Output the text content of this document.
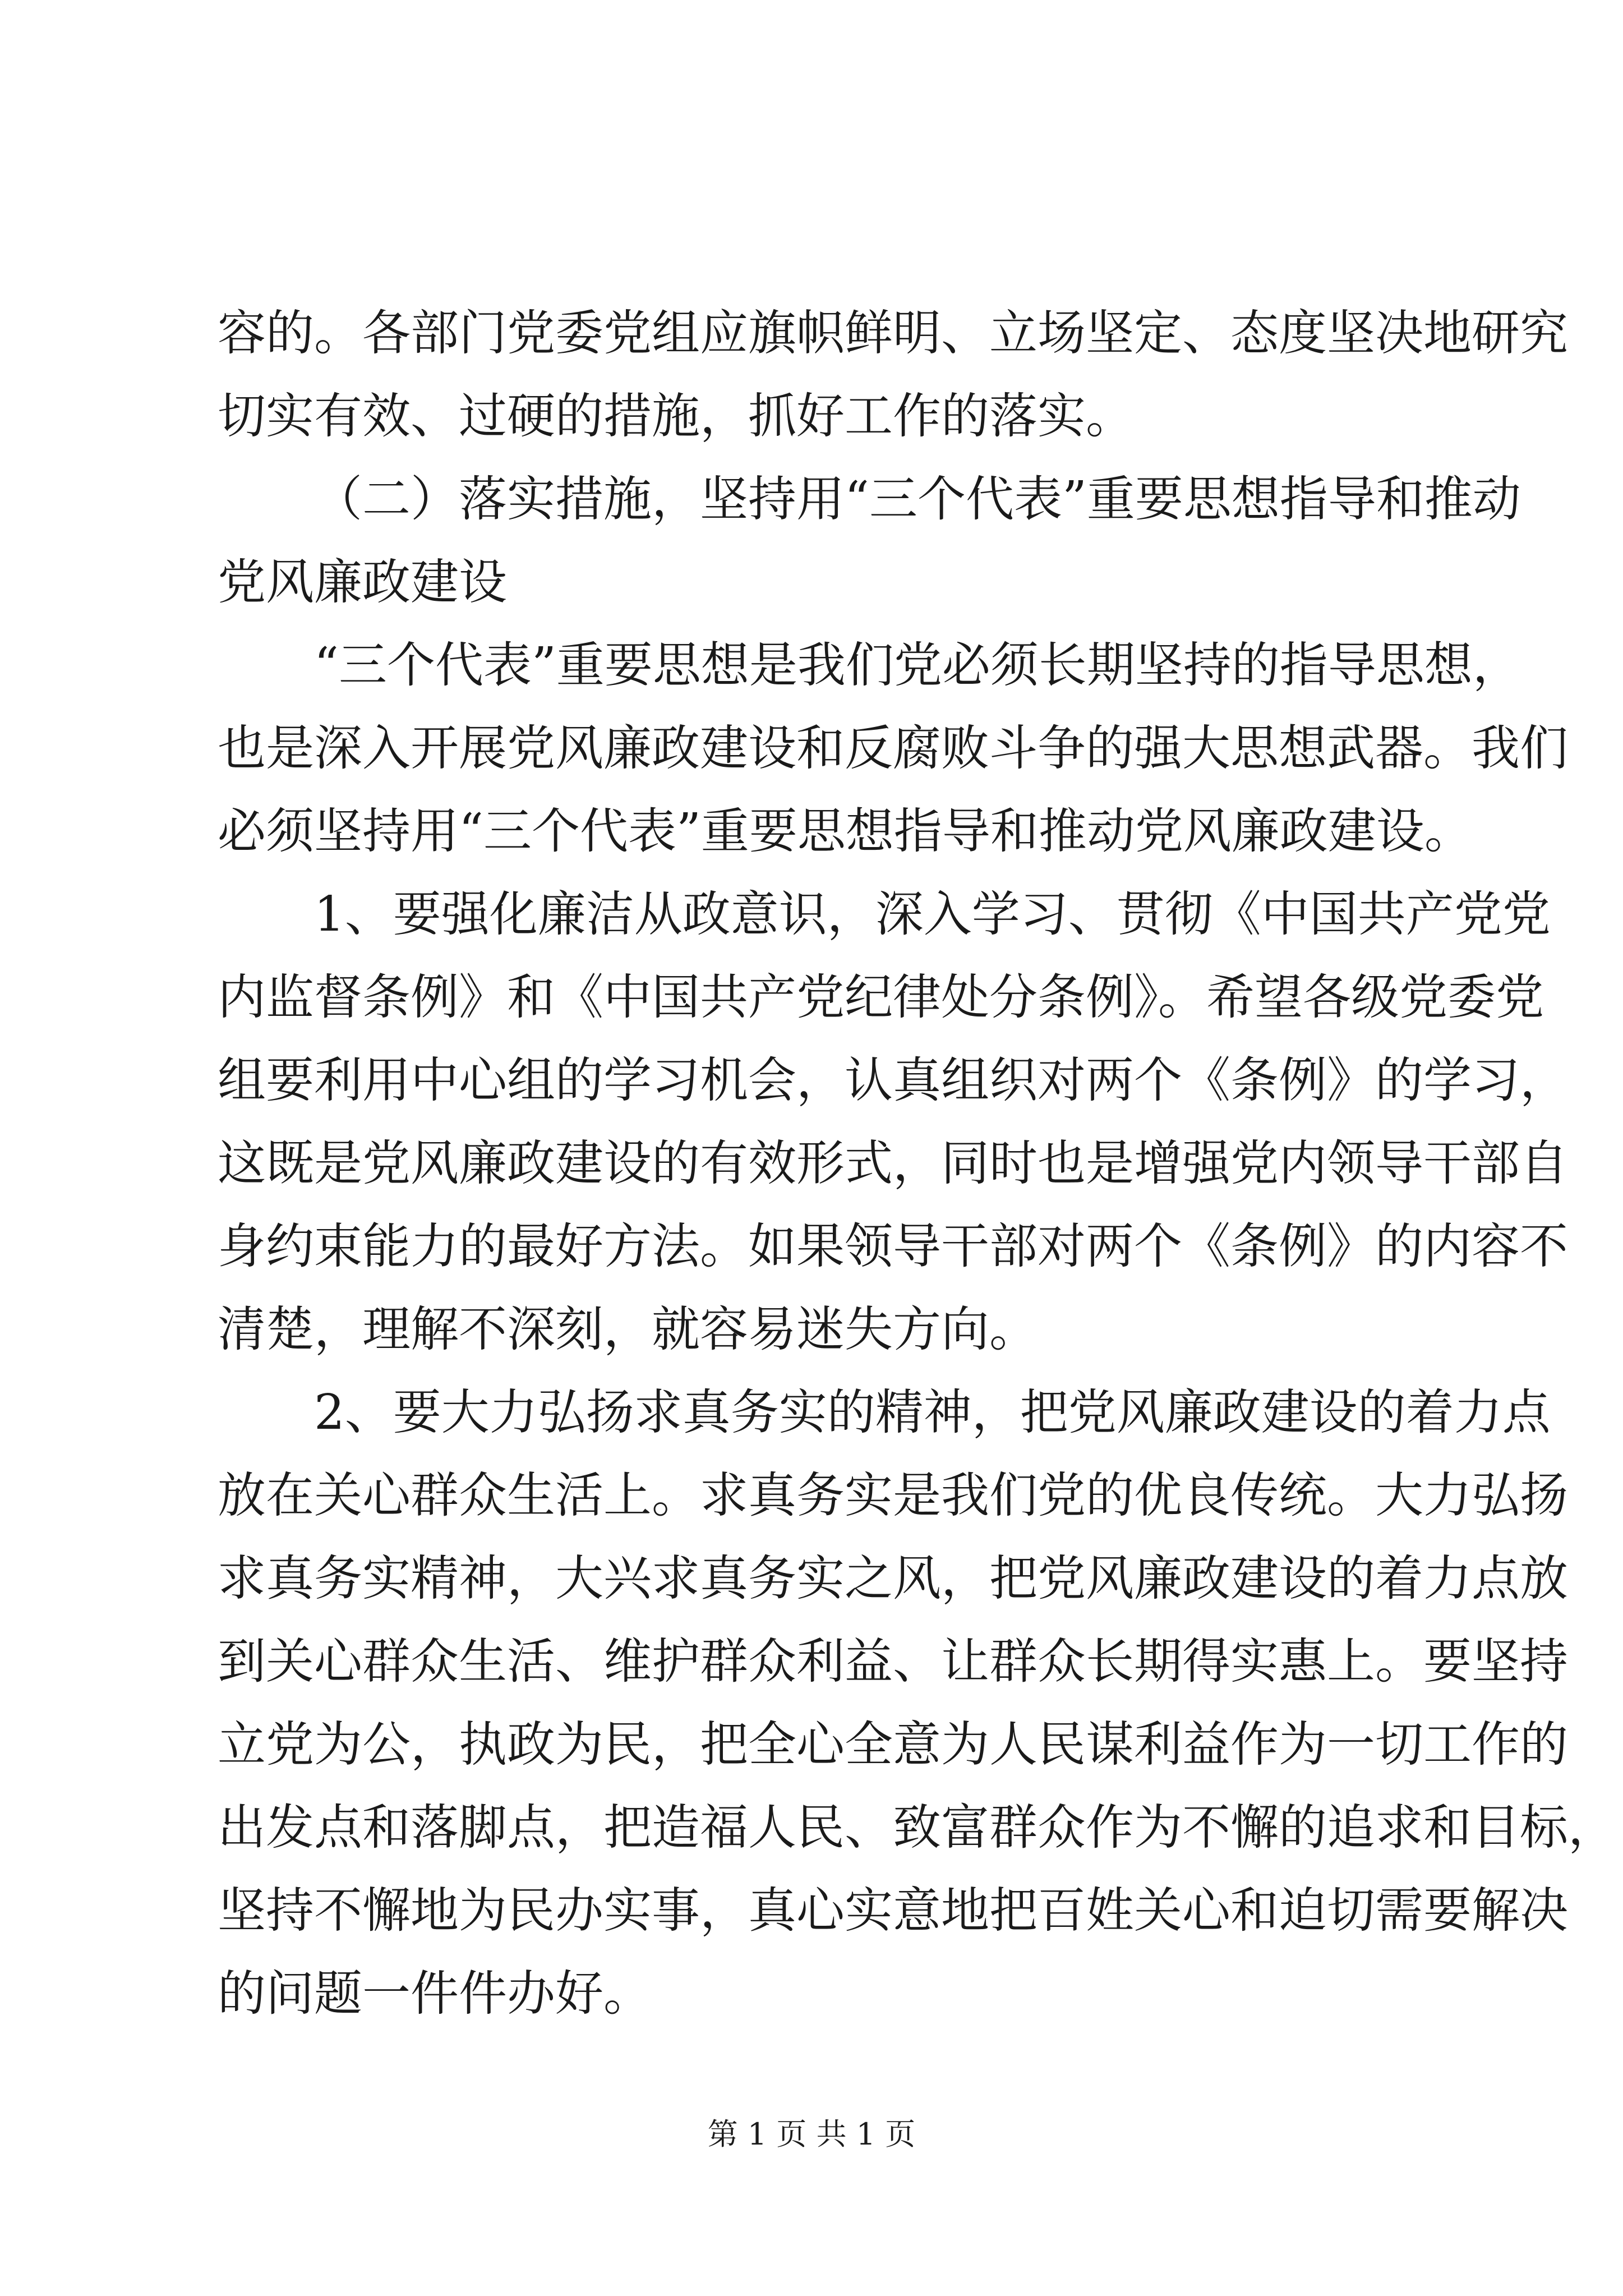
容的。各部门党委党组应旗帜鲜明、立场坚定、态度坚决地研究
切实有效、过硬的措施，抓好工作的落实。
（二）落实措施，坚持用“三个代表”重要思想指导和推动
党风廉政建设
“三个代表”重要思想是我们党必须长期坚持的指导思想，
也是深入开展党风廉政建设和反腐败斗争的强大思想武器。我们
必须坚持用“三个代表”重要思想指导和推动党风廉政建设。
1、要强化廉洁从政意识，深入学习、贯彻《中国共产党党
内监督条例》和《中国共产党纪律处分条例》。希望各级党委党
组要利用中心组的学习机会，认真组织对两个《条例》的学习，
这既是党风廉政建设的有效形式，同时也是增强党内领导干部自
身约束能力的最好方法。如果领导干部对两个《条例》的内容不
清楚，理解不深刻，就容易迷失方向。
2、要大力弘扬求真务实的精神，把党风廉政建设的着力点
放在关心群众生活上。求真务实是我们党的优良传统。大力弘扬
求真务实精神，大兴求真务实之风，把党风廉政建设的着力点放
到关心群众生活、维护群众利益、让群众长期得实惠上。要坚持
立党为公，执政为民，把全心全意为人民谋利益作为一切工作的
出发点和落脚点，把造福人民、致富群众作为不懈的追求和目标，
坚持不懈地为民办实事，真心实意地把百姓关心和迫切需要解决
的问题一件件办好。
第 1 页 共 1 页
